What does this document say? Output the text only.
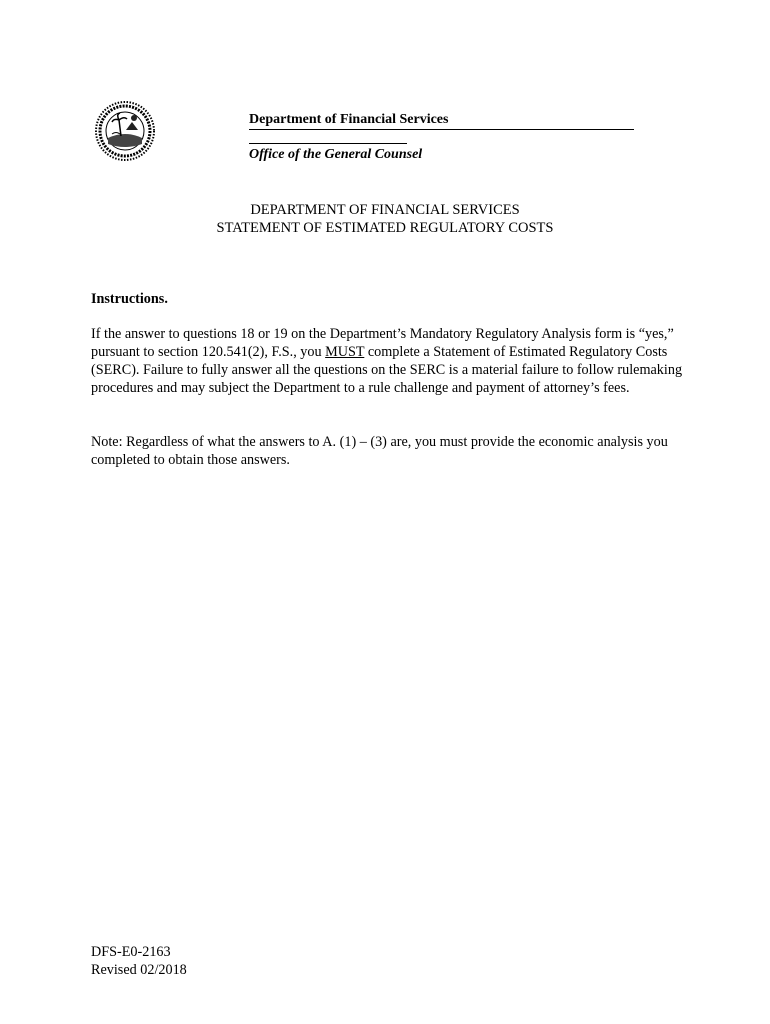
Department of Financial Services
Office of the General Counsel
DEPARTMENT OF FINANCIAL SERVICES
STATEMENT OF ESTIMATED REGULATORY COSTS
Instructions.
If the answer to questions 18 or 19 on the Department’s Mandatory Regulatory Analysis form is “yes,” pursuant to section 120.541(2), F.S., you MUST complete a Statement of Estimated Regulatory Costs (SERC). Failure to fully answer all the questions on the SERC is a material failure to follow rulemaking procedures and may subject the Department to a rule challenge and payment of attorney’s fees.
Note: Regardless of what the answers to A. (1) – (3) are, you must provide the economic analysis you completed to obtain those answers.
DFS-E0-2163
Revised 02/2018
